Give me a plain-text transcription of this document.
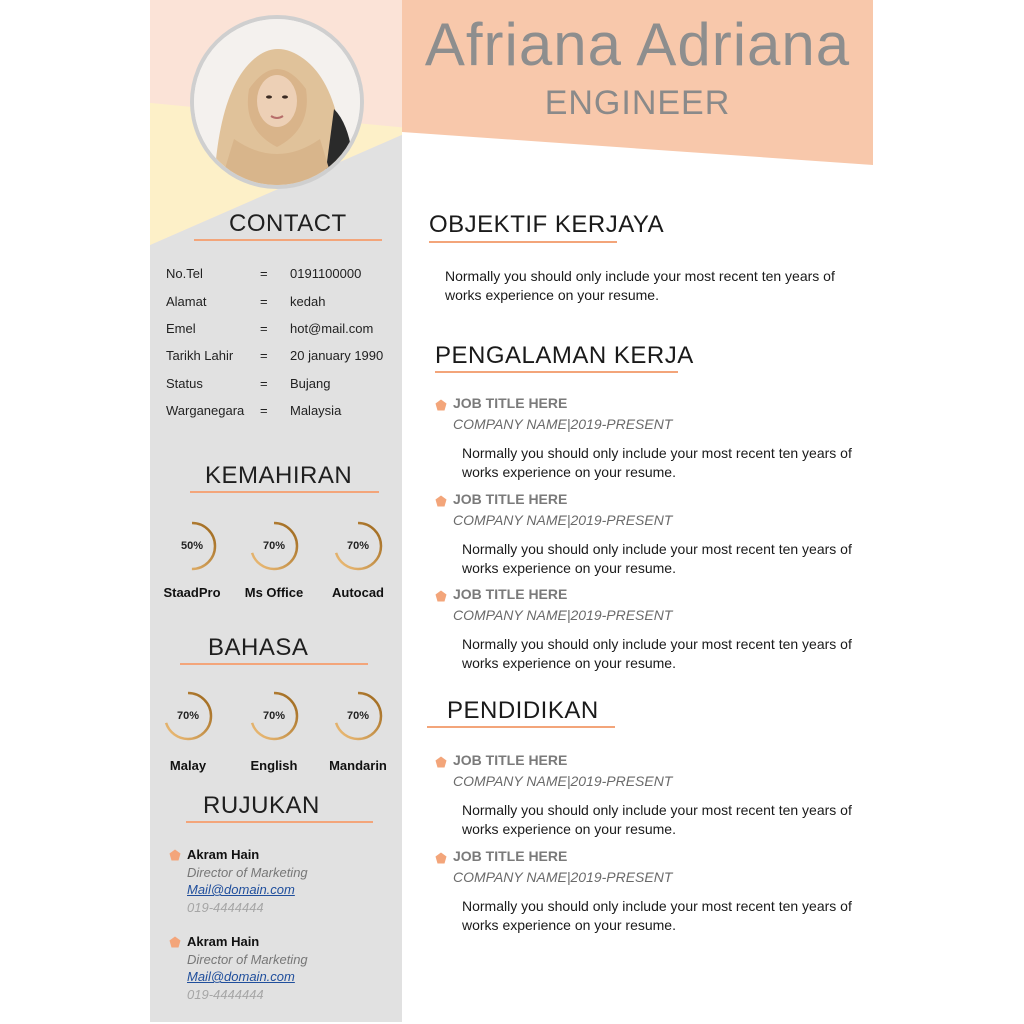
CONTACT
No.Tel	= 0191100000
Alamat	= kedah
Emel	= hot@mail.com
Tarikh Lahir = 20 january 1990
Status	= Bujang
Warganegara = Malaysia
KEMAHIRAN
50%
StaadPro
70%
Ms Office
70%
Autocad
BAHASA
70%
Malay
70%
English
70%
Mandarin
RUJUKAN
Akram Hain
Director of Marketing
Mail@domain.com
019-4444444
Akram Hain
Director of Marketing
Mail@domain.com
019-4444444
Afriana Adriana
ENGINEER
OBJEKTIF KERJAYA
Normally you should only include your most recent ten years of
works experience on your resume.
PENGALAMAN KERJA
JOB TITLE HERE
COMPANY NAME|2019-PRESENT
Normally you should only include your most recent ten years of
works experience on your resume.
JOB TITLE HERE
COMPANY NAME|2019-PRESENT
Normally you should only include your most recent ten years of
works experience on your resume.
JOB TITLE HERE
COMPANY NAME|2019-PRESENT
Normally you should only include your most recent ten years of
works experience on your resume.
PENDIDIKAN
JOB TITLE HERE
COMPANY NAME|2019-PRESENT
Normally you should only include your most recent ten years of
works experience on your resume.
JOB TITLE HERE
COMPANY NAME|2019-PRESENT
Normally you should only include your most recent ten years of
works experience on your resume.
